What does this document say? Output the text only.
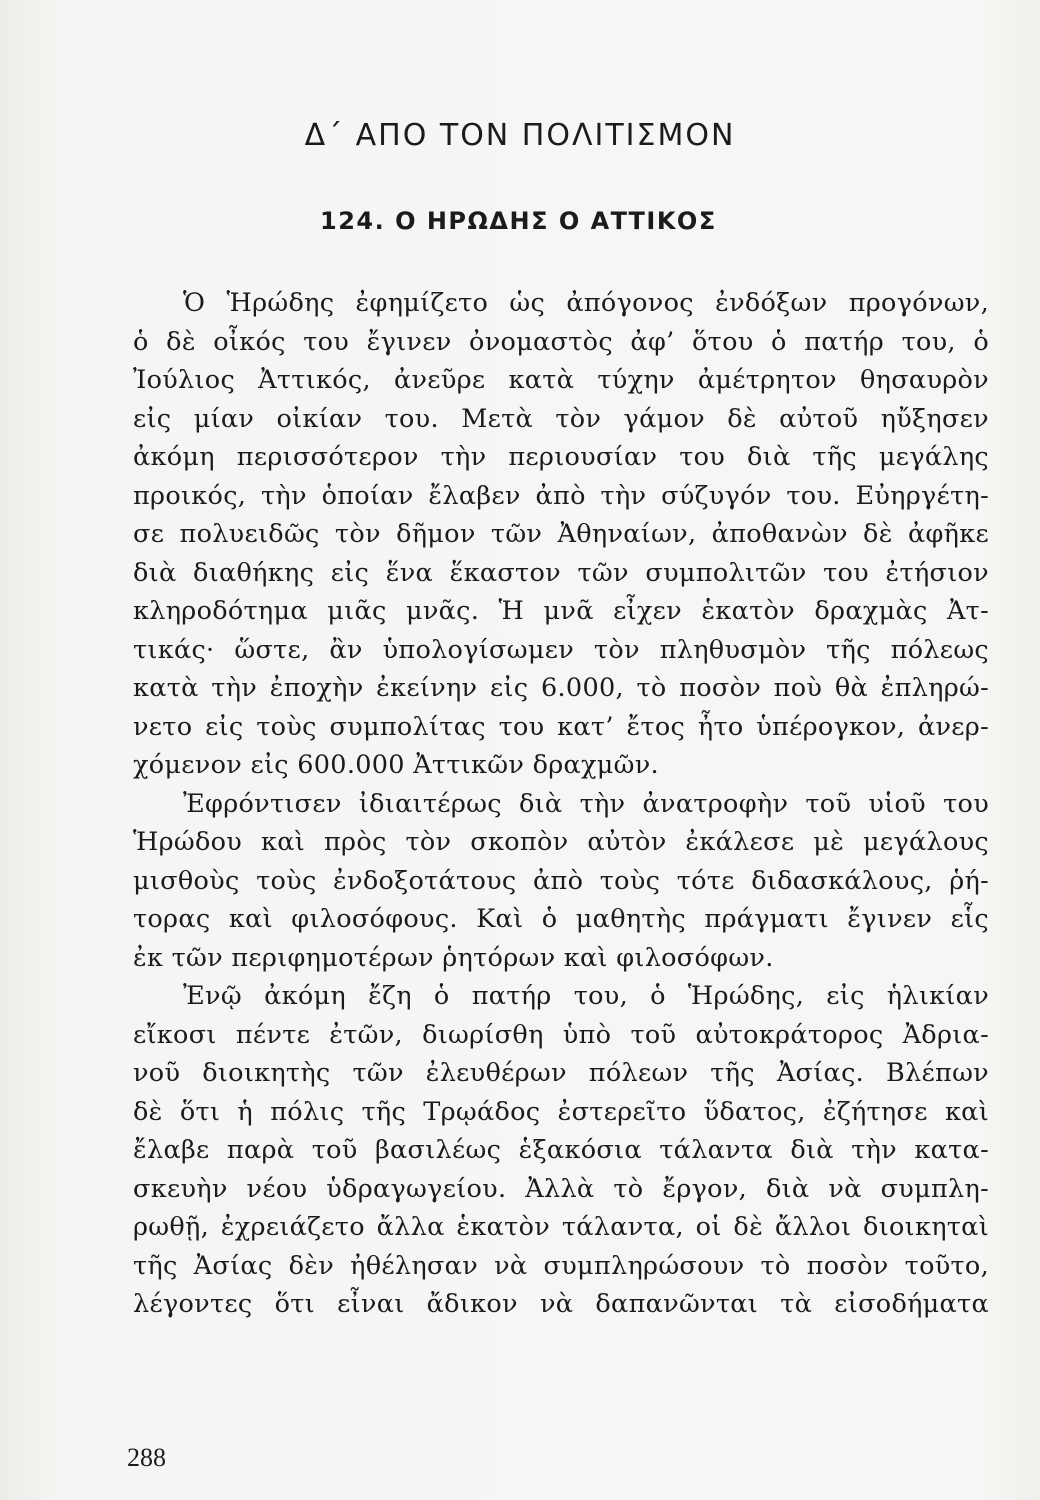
Δ΄ ΑΠΟ ΤΟΝ ΠΟΛΙΤΙΣΜΟΝ
124. Ο ΗΡΩΔΗΣ Ο ΑΤΤΙΚΟΣ
Ὁ Ἡρώδης ἐφημίζετο ὡς ἀπόγονος ἐνδόξων προγόνων,
ὁ δὲ οἶκός του ἔγινεν ὀνομαστὸς ἀφ’ ὅτου ὁ πατήρ του, ὁ
Ἰούλιος Ἀττικός, ἀνεῦρε κατὰ τύχην ἀμέτρητον θησαυρὸν
εἰς μίαν οἰκίαν του. Μετὰ τὸν γάμον δὲ αὐτοῦ ηὔξησεν
ἀκόμη περισσότερον τὴν περιουσίαν του διὰ τῆς μεγάλης
προικός, τὴν ὁποίαν ἔλαβεν ἀπὸ τὴν σύζυγόν του. Εὐηργέτη-
σε πολυειδῶς τὸν δῆμον τῶν Ἀθηναίων, ἀποθανὼν δὲ ἀφῆκε
διὰ διαθήκης εἰς ἕνα ἕκαστον τῶν συμπολιτῶν του ἐτήσιον
κληροδότημα μιᾶς μνᾶς. Ἡ μνᾶ εἶχεν ἑκατὸν δραχμὰς Ἀτ-
τικάς· ὥστε, ἂν ὑπολογίσωμεν τὸν πληθυσμὸν τῆς πόλεως
κατὰ τὴν ἐποχὴν ἐκείνην εἰς 6.000, τὸ ποσὸν ποὺ θὰ ἐπληρώ-
νετο εἰς τοὺς συμπολίτας του κατ’ ἔτος ἦτο ὑπέρογκον, ἀνερ-
χόμενον εἰς 600.000 Ἀττικῶν δραχμῶν.
Ἐφρόντισεν ἰδιαιτέρως διὰ τὴν ἀνατροφὴν τοῦ υἱοῦ του
Ἡρώδου καὶ πρὸς τὸν σκοπὸν αὐτὸν ἐκάλεσε μὲ μεγάλους
μισθοὺς τοὺς ἐνδοξοτάτους ἀπὸ τοὺς τότε διδασκάλους, ῥή-
τορας καὶ φιλοσόφους. Καὶ ὁ μαθητὴς πράγματι ἔγινεν εἷς
ἐκ τῶν περιφημοτέρων ῥητόρων καὶ φιλοσόφων.
Ἐνῷ ἀκόμη ἔζη ὁ πατήρ του, ὁ Ἡρώδης, εἰς ἡλικίαν
εἴκοσι πέντε ἐτῶν, διωρίσθη ὑπὸ τοῦ αὐτοκράτορος Ἀδρια-
νοῦ διοικητὴς τῶν ἐλευθέρων πόλεων τῆς Ἀσίας. Βλέπων
δὲ ὅτι ἡ πόλις τῆς Τρῳάδος ἐστερεῖτο ὕδατος, ἐζήτησε καὶ
ἔλαβε παρὰ τοῦ βασιλέως ἑξακόσια τάλαντα διὰ τὴν κατα-
σκευὴν νέου ὑδραγωγείου. Ἀλλὰ τὸ ἔργον, διὰ νὰ συμπλη-
ρωθῇ, ἐχρειάζετο ἄλλα ἑκατὸν τάλαντα, οἱ δὲ ἄλλοι διοικηταὶ
τῆς Ἀσίας δὲν ἠθέλησαν νὰ συμπληρώσουν τὸ ποσὸν τοῦτο,
λέγοντες ὅτι εἶναι ἄδικον νὰ δαπανῶνται τὰ εἰσοδήματα
288
